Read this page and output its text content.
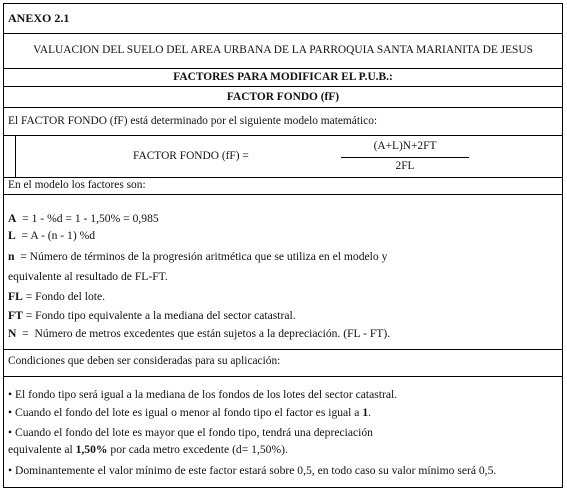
ANEXO 2.1
VALUACION DEL SUELO DEL AREA URBANA DE LA PARROQUIA SANTA MARIANITA DE JESUS
FACTORES PARA MODIFICAR EL P.U.B.:
FACTOR FONDO (fF)
El FACTOR FONDO (fF) está determinado por el siguiente modelo matemático:
FACTOR FONDO (fF) =
(A+L)N+2FT
2FL
En el modelo los factores son:
A  = 1 - %d = 1 - 1,50% = 0,985
L  = A - (n - 1) %d
n  = Número de términos de la progresión aritmética que se utiliza en el modelo y
equivalente al resultado de FL-FT.
FL = Fondo del lote.
FT = Fondo tipo equivalente a la mediana del sector catastral.
N  =  Número de metros excedentes que están sujetos a la depreciación. (FL - FT).
Condiciones que deben ser consideradas para su aplicación:
• El fondo tipo será igual a la mediana de los fondos de los lotes del sector catastral.
• Cuando el fondo del lote es igual o menor al fondo tipo el factor es igual a 1.
• Cuando el fondo del lote es mayor que el fondo tipo, tendrá una depreciación
equivalente al 1,50% por cada metro excedente (d= 1,50%).
• Dominantemente el valor mínimo de este factor estará sobre 0,5, en todo caso su valor mínimo será 0,5.
